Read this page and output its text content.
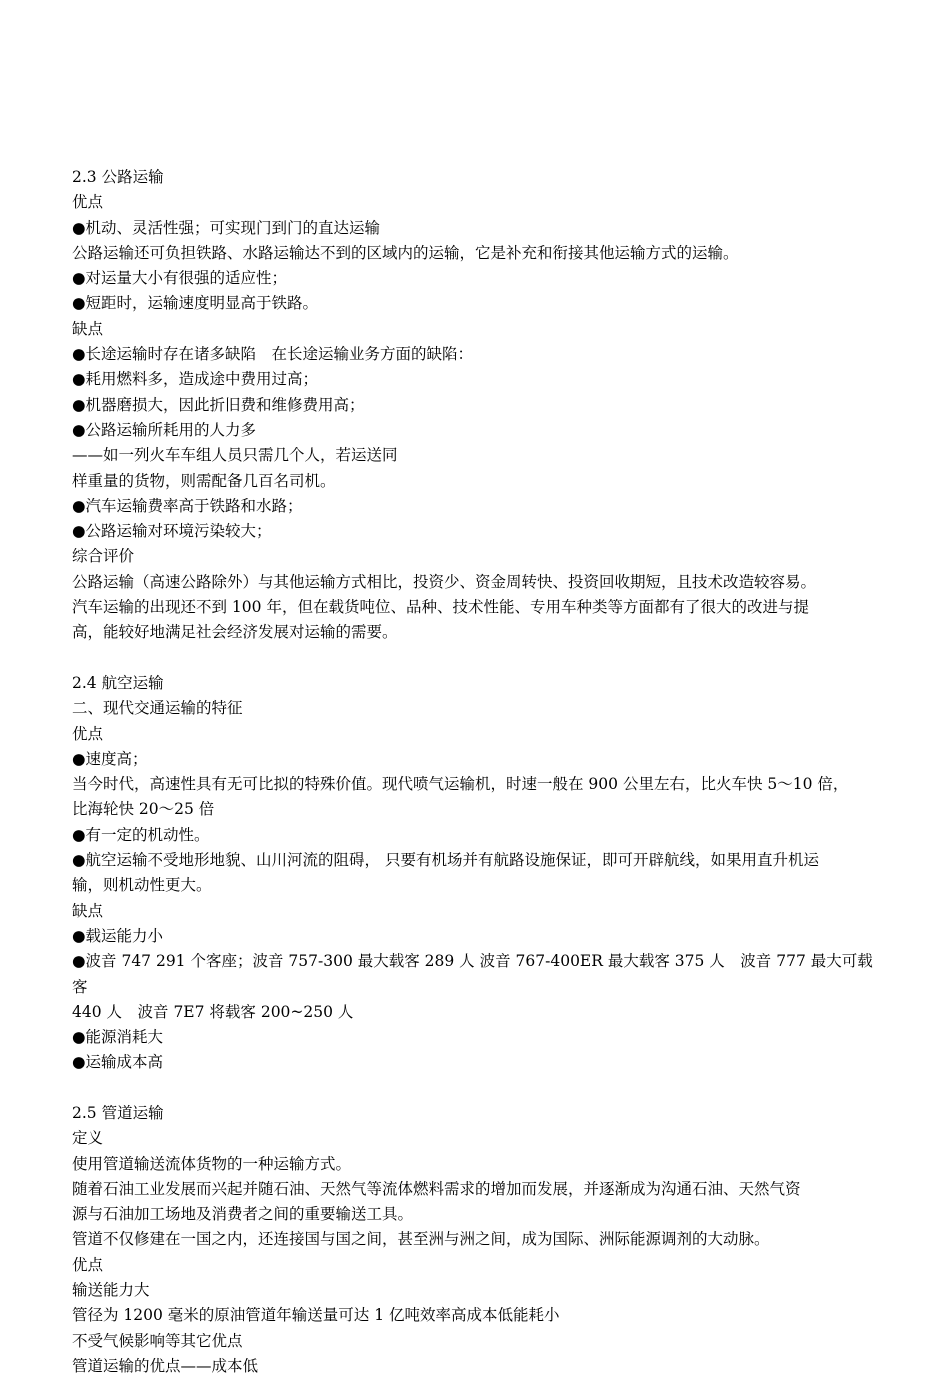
2.3 公路运输
优点
●机动、灵活性强；可实现门到门的直达运输
公路运输还可负担铁路、水路运输达不到的区域内的运输，它是补充和衔接其他运输方式的运输。
●对运量大小有很强的适应性；
●短距时，运输速度明显高于铁路。
缺点
●长途运输时存在诸多缺陷　在长途运输业务方面的缺陷：
●耗用燃料多，造成途中费用过高；
●机器磨损大，因此折旧费和维修费用高；
●公路运输所耗用的人力多
——如一列火车车组人员只需几个人，若运送同
样重量的货物，则需配备几百名司机。
●汽车运输费率高于铁路和水路；
●公路运输对环境污染较大；
综合评价
公路运输（高速公路除外）与其他运输方式相比，投资少、资金周转快、投资回收期短，且技术改造较容易。
汽车运输的出现还不到 100 年，但在载货吨位、品种、技术性能、专用车种类等方面都有了很大的改进与提
高，能较好地满足社会经济发展对运输的需要。
2.4 航空运输
二、现代交通运输的特征
优点
●速度高；
当今时代，高速性具有无可比拟的特殊价值。现代喷气运输机，时速一般在 900 公里左右，比火车快 5～10 倍，
比海轮快 20～25 倍
●有一定的机动性。
●航空运输不受地形地貌、山川河流的阻碍， 只要有机场并有航路设施保证，即可开辟航线，如果用直升机运
输，则机动性更大。
缺点
●载运能力小
●波音 747 291 个客座；波音 757-300 最大载客 289 人 波音 767-400ER 最大载客 375 人　波音 777 最大可载客
440 人　波音 7E7 将载客 200~250 人
●能源消耗大
●运输成本高
2.5 管道运输
定义
使用管道输送流体货物的一种运输方式。
随着石油工业发展而兴起并随石油、天然气等流体燃料需求的增加而发展，并逐渐成为沟通石油、天然气资
源与石油加工场地及消费者之间的重要输送工具。
管道不仅修建在一国之内，还连接国与国之间，甚至洲与洲之间，成为国际、洲际能源调剂的大动脉。
优点
输送能力大
管径为 1200 毫米的原油管道年输送量可达 1 亿吨效率高成本低能耗小
不受气候影响等其它优点
管道运输的优点——成本低
